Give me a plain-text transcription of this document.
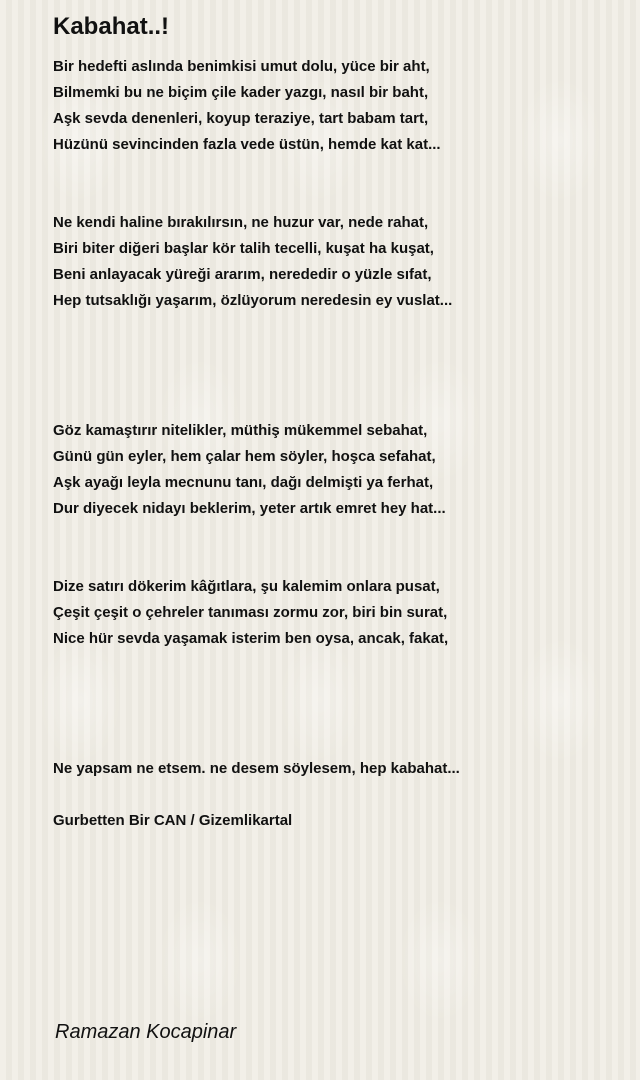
Kabahat..!
Bir hedefti aslında benimkisi umut dolu, yüce bir aht,
Bilmemki bu ne biçim çile kader yazgı, nasıl bir baht,
Aşk sevda denenleri, koyup teraziye, tart babam tart,
Hüzünü sevincinden fazla vede üstün, hemde kat kat...
Ne kendi haline bırakılırsın, ne huzur var, nede rahat,
Biri biter diğeri başlar kör talih tecelli, kuşat ha kuşat,
Beni anlayacak yüreği ararım, nerededir o yüzle sıfat,
Hep tutsaklığı yaşarım, özlüyorum neredesin ey vuslat...
Göz kamaştırır nitelikler, müthiş mükemmel sebahat,
Günü gün eyler, hem çalar hem söyler, hoşca sefahat,
Aşk ayağı leyla mecnunu tanı, dağı delmişti ya ferhat,
Dur diyecek nidayı beklerim, yeter artık emret hey hat...
Dize satırı dökerim kâğıtlara, şu kalemim onlara pusat,
Çeşit çeşit o çehreler tanıması zormu zor, biri bin surat,
Nice hür sevda yaşamak isterim ben oysa, ancak, fakat,
Ne yapsam ne etsem. ne desem söylesem, hep kabahat...
Gurbetten Bir CAN / Gizemlikartal
Ramazan Kocapinar
